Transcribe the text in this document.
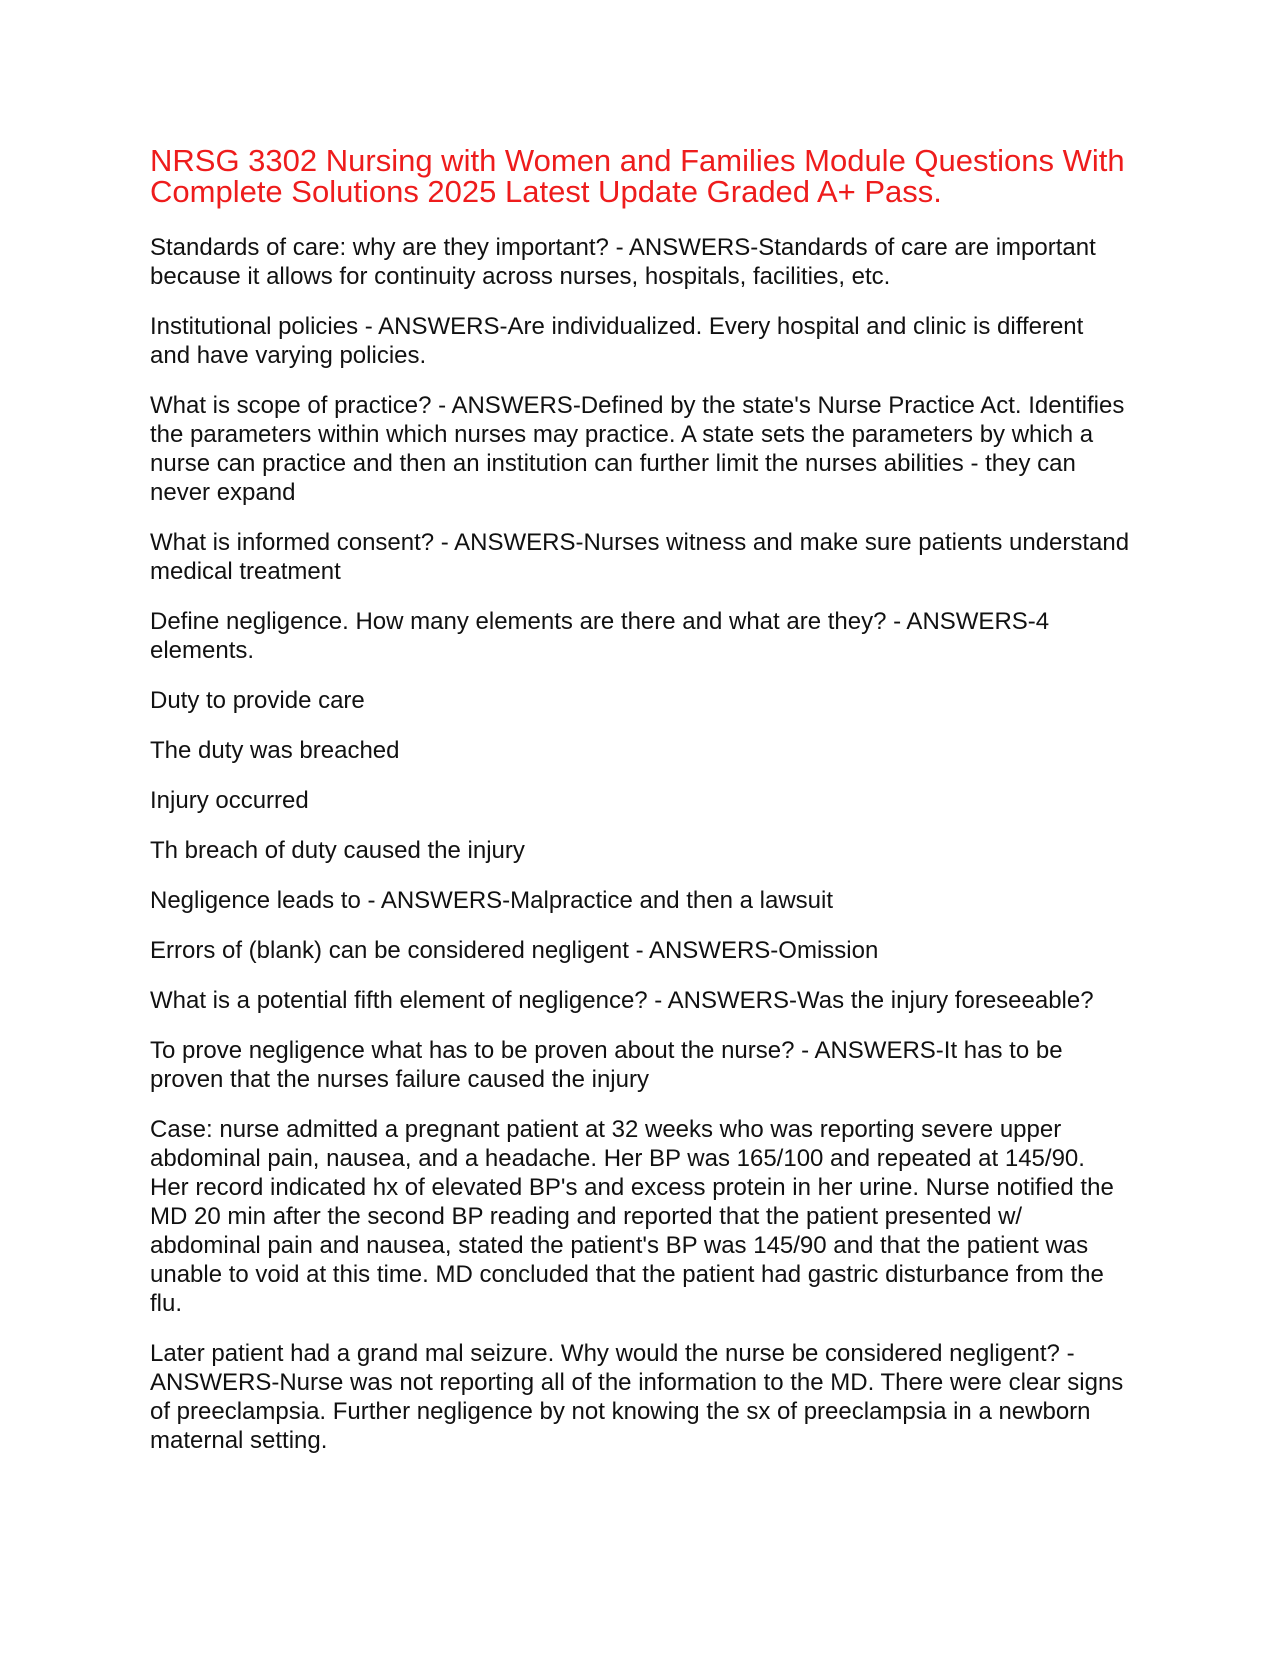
NRSG 3302 Nursing with Women and Families Module Questions With Complete Solutions 2025 Latest Update Graded A+ Pass.

Standards of care: why are they important? - ANSWERS-Standards of care are important because it allows for continuity across nurses, hospitals, facilities, etc.

Institutional policies - ANSWERS-Are individualized. Every hospital and clinic is different and have varying policies.

What is scope of practice? - ANSWERS-Defined by the state's Nurse Practice Act. Identifies the parameters within which nurses may practice. A state sets the parameters by which a nurse can practice and then an institution can further limit the nurses abilities - they can never expand

What is informed consent? - ANSWERS-Nurses witness and make sure patients understand medical treatment

Define negligence. How many elements are there and what are they? - ANSWERS-4 elements.

Duty to provide care

The duty was breached

Injury occurred

Th breach of duty caused the injury

Negligence leads to - ANSWERS-Malpractice and then a lawsuit

Errors of (blank) can be considered negligent - ANSWERS-Omission

What is a potential fifth element of negligence? - ANSWERS-Was the injury foreseeable?

To prove negligence what has to be proven about the nurse? - ANSWERS-It has to be proven that the nurses failure caused the injury

Case: nurse admitted a pregnant patient at 32 weeks who was reporting severe upper abdominal pain, nausea, and a headache. Her BP was 165/100 and repeated at 145/90. Her record indicated hx of elevated BP's and excess protein in her urine. Nurse notified the MD 20 min after the second BP reading and reported that the patient presented w/ abdominal pain and nausea, stated the patient's BP was 145/90 and that the patient was unable to void at this time. MD concluded that the patient had gastric disturbance from the flu.

Later patient had a grand mal seizure. Why would the nurse be considered negligent? - ANSWERS-Nurse was not reporting all of the information to the MD. There were clear signs of preeclampsia. Further negligence by not knowing the sx of preeclampsia in a newborn maternal setting.
